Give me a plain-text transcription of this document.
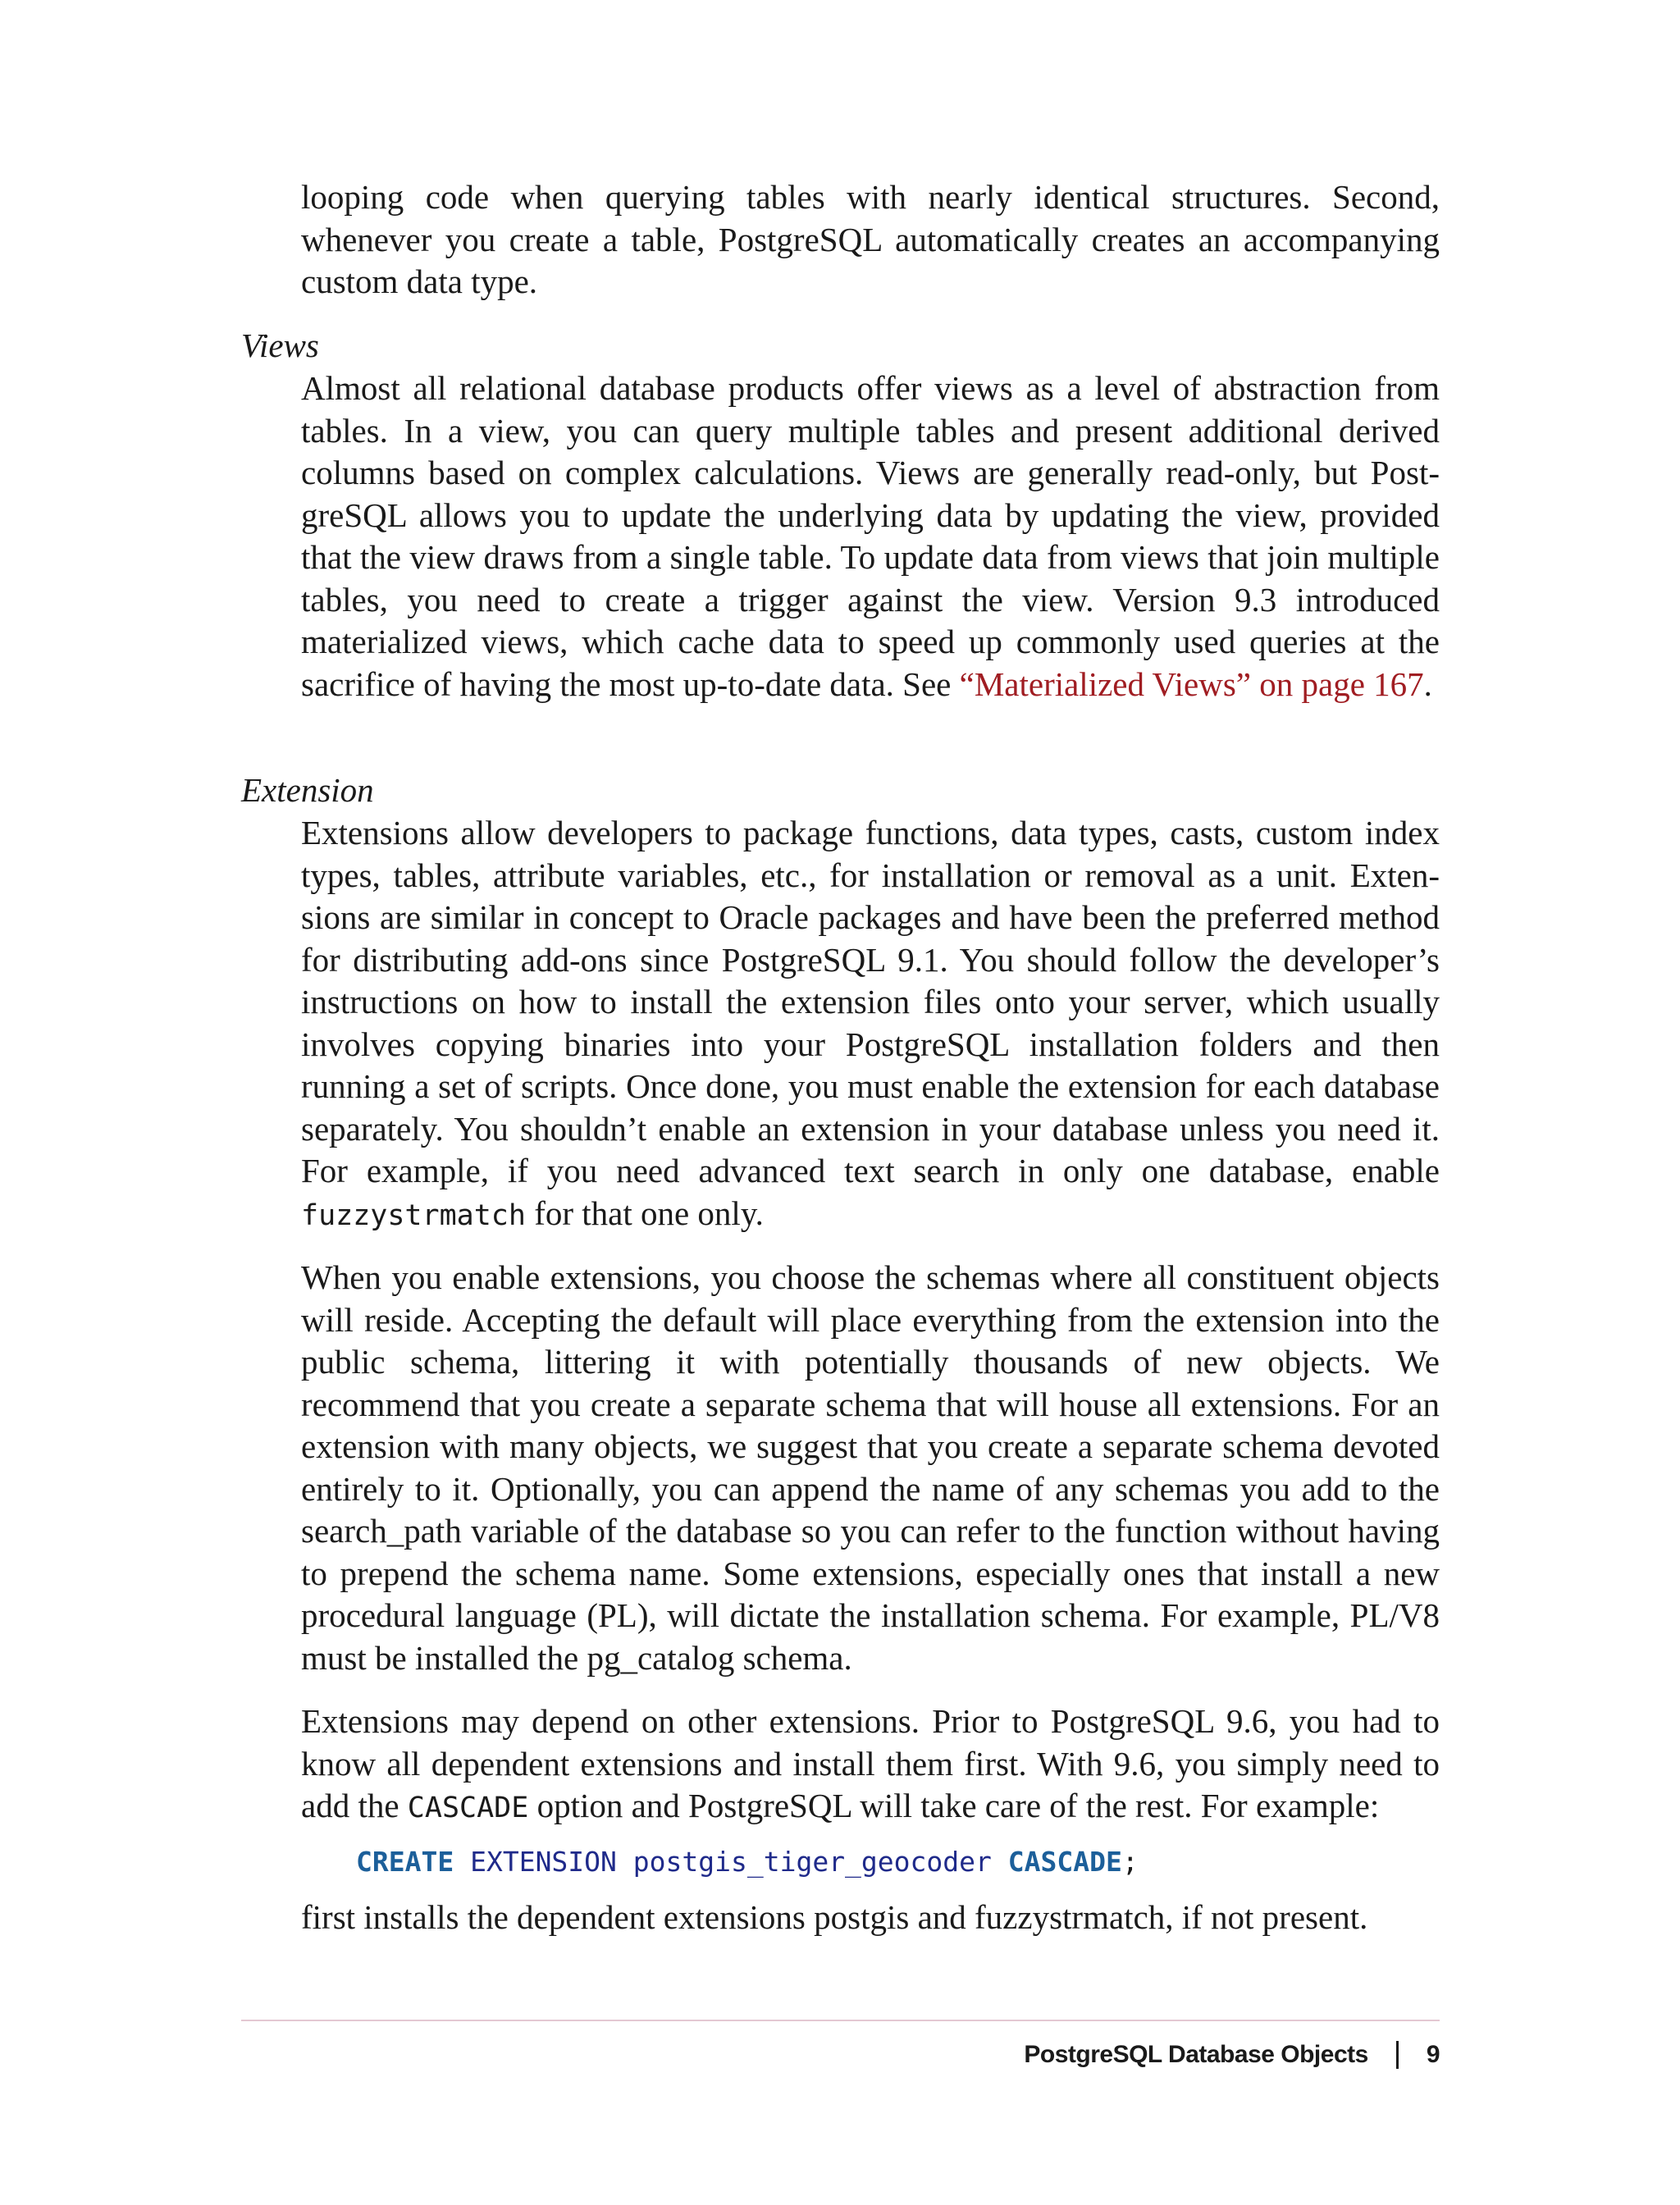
looping code when querying tables with nearly identical structures. Second, whenever you create a table, PostgreSQL automatically creates an accompanying custom data type.

Views

Almost all relational database products offer views as a level of abstraction from tables. In a view, you can query multiple tables and present additional derived columns based on complex calculations. Views are generally read-only, but PostgreSQL allows you to update the underlying data by updating the view, provided that the view draws from a single table. To update data from views that join multiple tables, you need to create a trigger against the view. Version 9.3 introduced materialized views, which cache data to speed up commonly used queries at the sacrifice of having the most up-to-date data. See “Materialized Views” on page 167.

Extension

Extensions allow developers to package functions, data types, casts, custom index types, tables, attribute variables, etc., for installation or removal as a unit. Extensions are similar in concept to Oracle packages and have been the preferred method for distributing add-ons since PostgreSQL 9.1. You should follow the developer’s instructions on how to install the extension files onto your server, which usually involves copying binaries into your PostgreSQL installation folders and then running a set of scripts. Once done, you must enable the extension for each database separately. You shouldn’t enable an extension in your database unless you need it. For example, if you need advanced text search in only one database, enable fuzzystrmatch for that one only.

When you enable extensions, you choose the schemas where all constituent objects will reside. Accepting the default will place everything from the extension into the public schema, littering it with potentially thousands of new objects. We recommend that you create a separate schema that will house all extensions. For an extension with many objects, we suggest that you create a separate schema devoted entirely to it. Optionally, you can append the name of any schemas you add to the search_path variable of the database so you can refer to the function without having to prepend the schema name. Some extensions, especially ones that install a new procedural language (PL), will dictate the installation schema. For example, PL/V8 must be installed the pg_catalog schema.

Extensions may depend on other extensions. Prior to PostgreSQL 9.6, you had to know all dependent extensions and install them first. With 9.6, you simply need to add the CASCADE option and PostgreSQL will take care of the rest. For example:

CREATE EXTENSION postgis_tiger_geocoder CASCADE;

first installs the dependent extensions postgis and fuzzystrmatch, if not present.

PostgreSQL Database Objects 9
